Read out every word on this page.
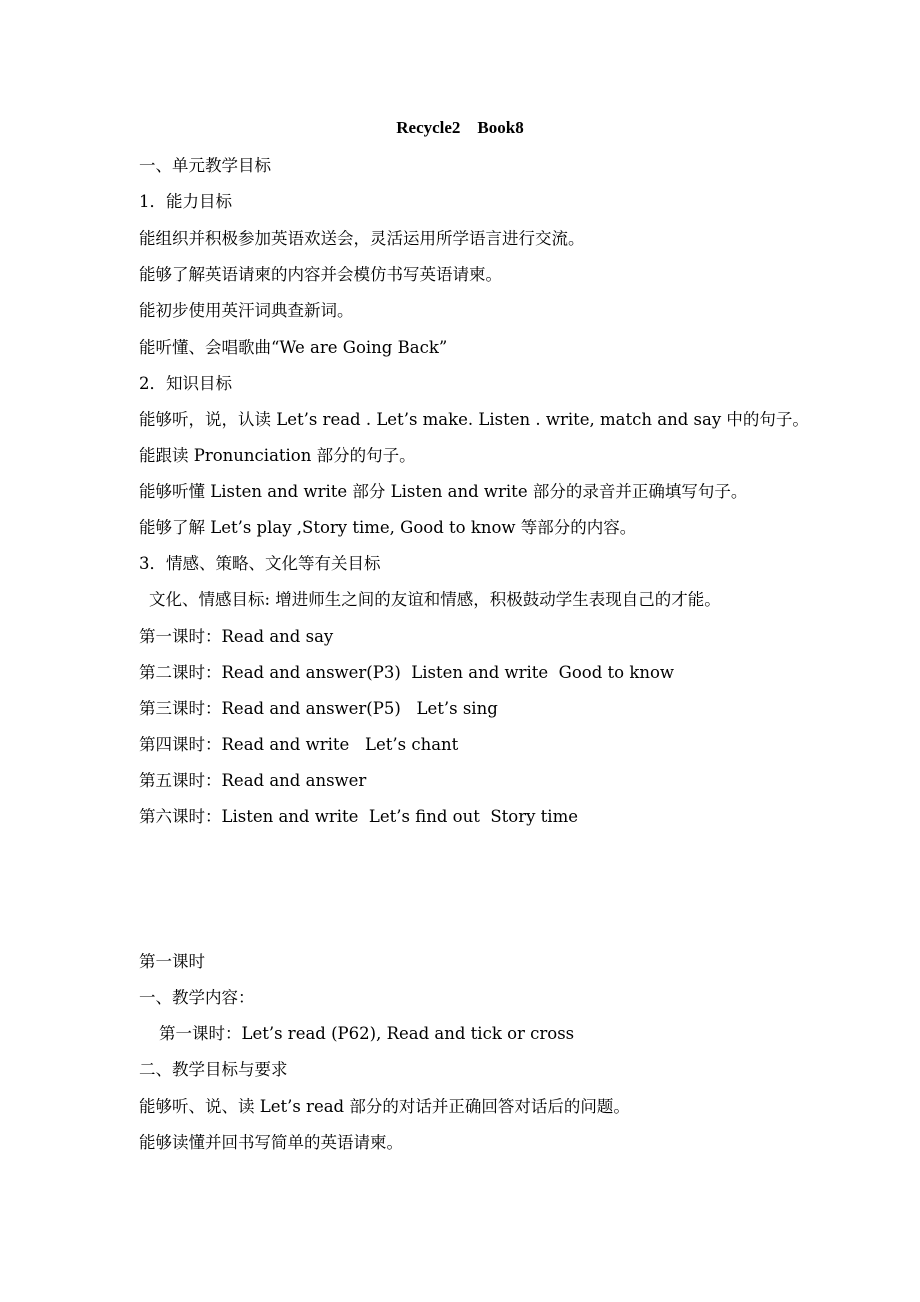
Recycle2    Book8
一、单元教学目标
1．能力目标
能组织并积极参加英语欢送会，灵活运用所学语言进行交流。
能够了解英语请柬的内容并会模仿书写英语请柬。
能初步使用英汗词典查新词。
能听懂、会唱歌曲“We are Going Back”
2．知识目标
能够听，说，认读 Let’s read . Let’s make. Listen . write, match and say 中的句子。
能跟读 Pronunciation 部分的句子。
能够听懂 Listen and write 部分 Listen and write 部分的录音并正确填写句子。
能够了解 Let’s play ,Story time, Good to know 等部分的内容。
3．情感、策略、文化等有关目标
文化、情感目标: 增进师生之间的友谊和情感，积极鼓动学生表现自己的才能。
第一课时：Read and say
第二课时：Read and answer(P3)  Listen and write  Good to know
第三课时：Read and answer(P5)   Let’s sing
第四课时：Read and write   Let’s chant
第五课时：Read and answer
第六课时：Listen and write  Let’s find out  Story time
第一课时
一、教学内容：
第一课时：Let’s read (P62), Read and tick or cross
二、教学目标与要求
能够听、说、读 Let’s read 部分的对话并正确回答对话后的问题。
能够读懂并回书写简单的英语请柬。
